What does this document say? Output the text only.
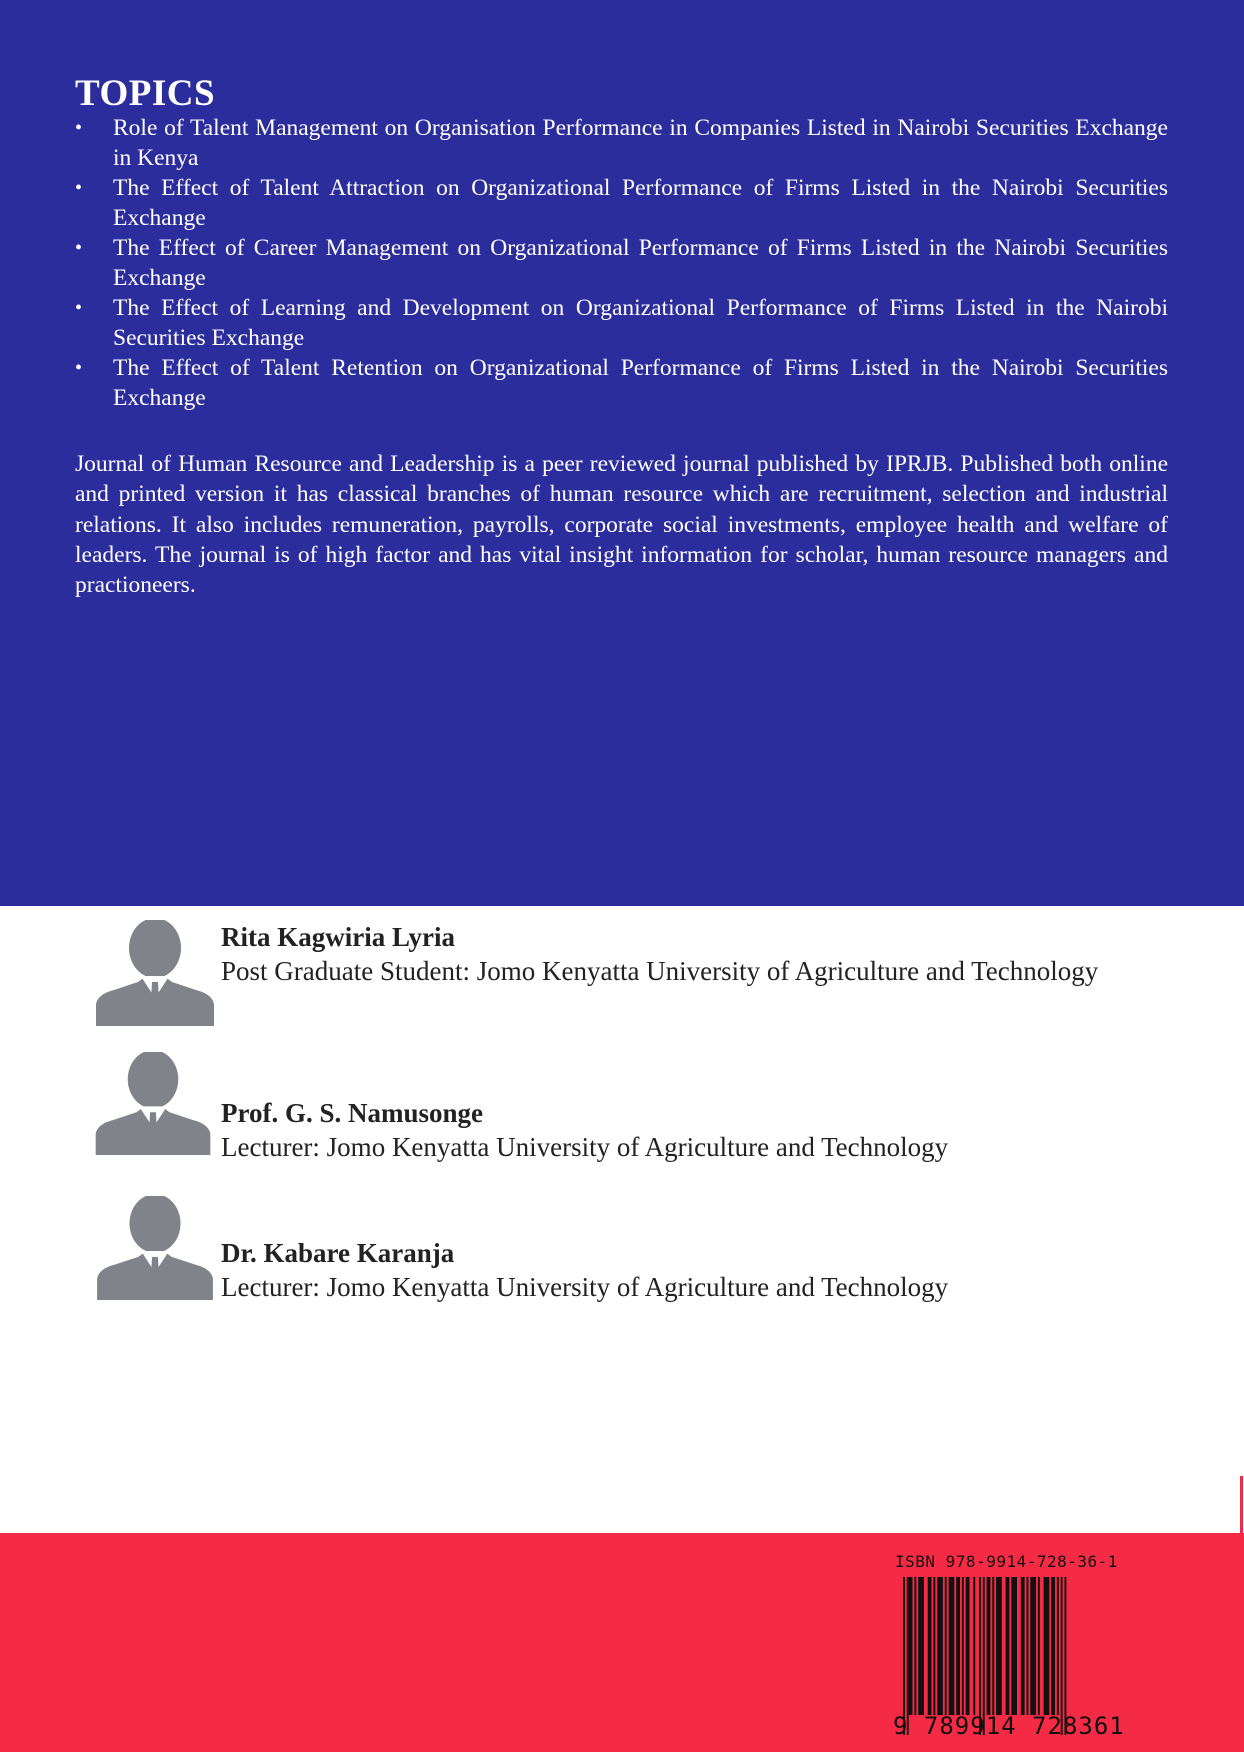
TOPICS
• Role of Talent Management on Organisation Performance in Companies Listed in Nairobi Securities Exchange in Kenya
• The Effect of Talent Attraction on Organizational Performance of Firms Listed in the Nairobi Securities Exchange
• The Effect of Career Management on Organizational Performance of Firms Listed in the Nairobi Securities Exchange
• The Effect of Learning and Development on Organizational Performance of Firms Listed in the Nairobi Securities Exchange
• The Effect of Talent Retention on Organizational Performance of Firms Listed in the Nairobi Securities Exchange

Journal of Human Resource and Leadership is a peer reviewed journal published by IPRJB. Published both online and printed version it has classical branches of human resource which are recruitment, selection and industrial relations. It also includes remuneration, payrolls, corporate social investments, employee health and welfare of leaders. The journal is of high factor and has vital insight information for scholar, human resource managers and practioneers.

Rita Kagwiria Lyria
Post Graduate Student: Jomo Kenyatta University of Agriculture and Technology
Prof. G. S. Namusonge
Lecturer: Jomo Kenyatta University of Agriculture and Technology
Dr. Kabare Karanja
Lecturer: Jomo Kenyatta University of Agriculture and Technology
ISBN 978-9914-728-36-1
9 789914 728361
